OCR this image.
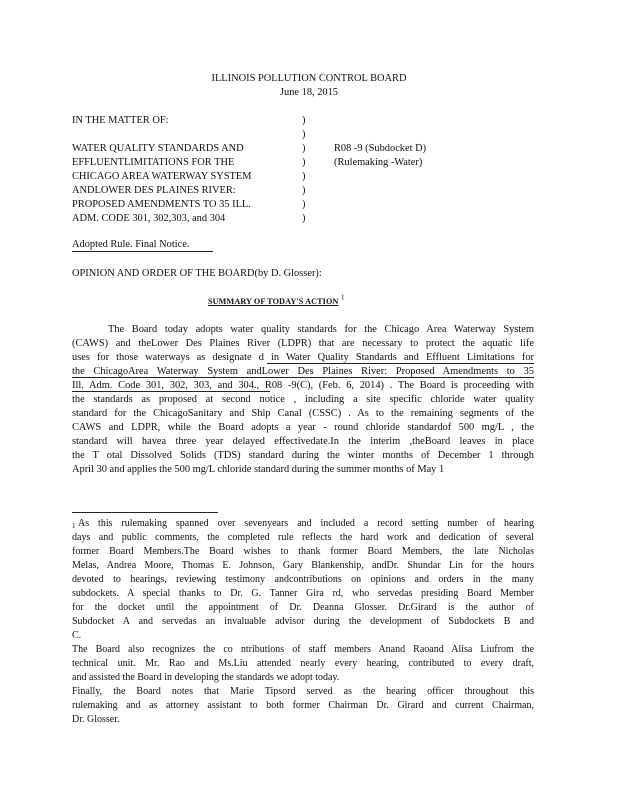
ILLINOIS POLLUTION CONTROL BOARD
June 18, 2015
IN THE MATTER OF:
WATER QUALITY STANDARDS AND
EFFLUENTLIMITATIONS FOR THE
CHICAGO AREA WATERWAY SYSTEM
ANDLOWER DES PLAINES RIVER:
PROPOSED AMENDMENTS TO 35 ILL.
ADM. CODE 301, 302,303, and 304
)
)
)
)
)
)
)
)
R08 -9 (Subdocket D)
(Rulemaking -Water)
Adopted Rule. Final Notice.
OPINION AND ORDER OF THE BOARD(by D. Glosser):
SUMMARY OF TODAY'S ACTION $^1$
The Board today adopts water quality standards for the Chicago Area Waterway System
(CAWS) and theLower Des Plaines River (LDPR) that are necessary to protect the aquatic life
uses for those waterways as designate d in Water Quality Standards and Effluent Limitations for
the ChicagoArea Waterway System andLower Des Plaines River: Proposed Amendments to 35
Ill. Adm. Code 301, 302, 303, and 304., R08 -9(C), (Feb. 6, 2014) . The Board is proceeding with
the standards as proposed at second notice , including a site specific chloride water quality
standard for the ChicagoSanitary and Ship Canal (CSSC) . As to the remaining segments of the
CAWS and LDPR, while the Board adopts a year - round chloride standardof 500 mg/L , the
standard will havea three year delayed effectivedate.In the interim ,theBoard leaves in place
the T otal Dissolved Solids (TDS) standard during the winter months of December 1 through
April 30 and applies the 500 mg/L chloride standard during the summer months of May 1
1 As this rulemaking spanned over sevenyears and included a record setting number of hearing
days and public comments, the completed rule reflects the hard work and dedication of several
former Board Members.The Board wishes to thank former Board Members, the late Nicholas
Melas, Andrea Moore, Thomas E. Johnson, Gary Blankenship, andDr. Shundar Lin for the hours
devoted to hearings, reviewing testimony andcontributions on opinions and orders in the many
subdockets. A special thanks to Dr. G. Tanner Gira rd, who servedas presiding Board Member
for the docket until the appointment of Dr. Deanna Glosser. Dr.Girard is the author of
Subdocket A and servedas an invaluable advisor during the development of Subdockets B and
C.
The Board also recognizes the co ntributions of staff members Anand Raoand Alisa Liufrom the
technical unit. Mr. Rao and Ms.Liu attended nearly every hearing, contributed to every draft,
and assisted the Board in developing the standards we adopt today.
Finally, the Board notes that Marie Tipsord served as the hearing officer throughout this
rulemaking and as attorney assistant to both former Chairman Dr. Girard and current Chairman,
Dr. Glosser.
